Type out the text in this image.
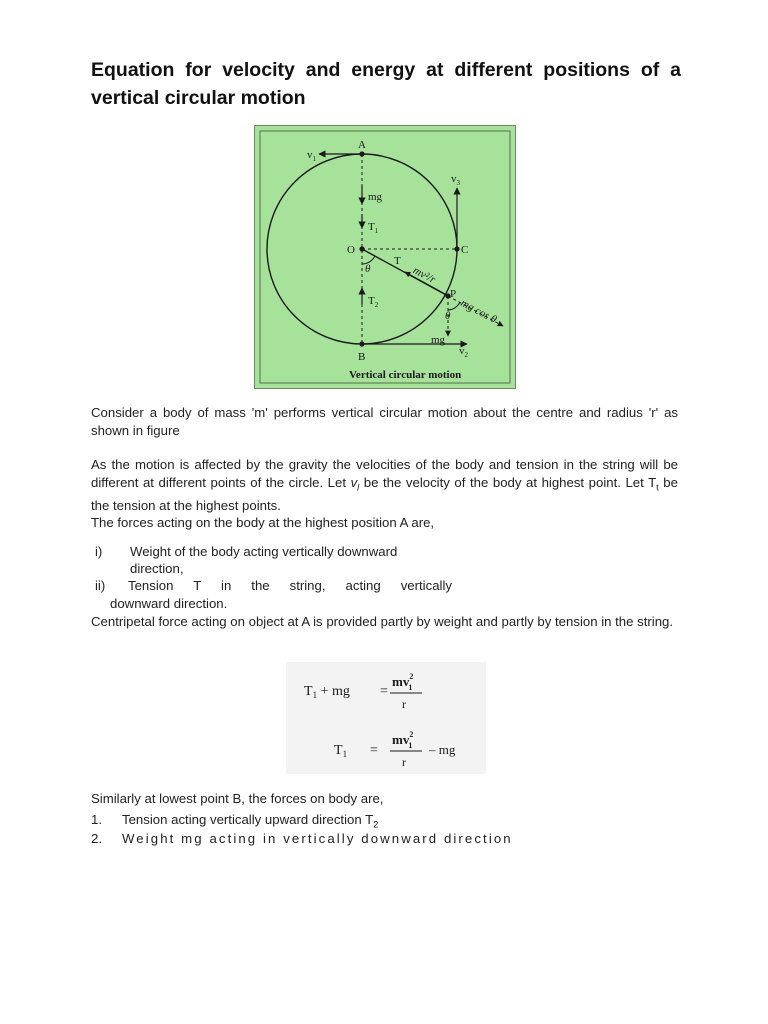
Equation for velocity and energy at different positions of a vertical circular motion
A
$v_1$
$v_3$
mg
$T_1$
O	C
T
θ
$T_2$
mv²/r
P
mg cos θ
θ
mg
$v_2$
B
Vertical circular motion
Consider a body of mass 'm' performs vertical circular motion about the centre and radius 'r' as shown in figure
As the motion is affected by the gravity the velocities of the body and tension in the string will be different at different points of the circle. Let $v_l$ be the velocity of the body at highest point. Let $T_t$ be the tension at the highest points.
The forces acting on the body at the highest position A are,
i) Weight of the body acting vertically downward
direction,
ii) Tension T in the string, acting vertically
downward direction.
Centripetal force acting on object at A is provided partly by weight and partly by tension in the string.
$T_1$ + mg =
$mv^2$ 1
r
$T_1$ =
$mv^2$ 1
r
– mg
Similarly at lowest point B, the forces on body are,
1. Tension acting vertically upward direction $T_2$
2. Weight mg acting in vertically downward direction
